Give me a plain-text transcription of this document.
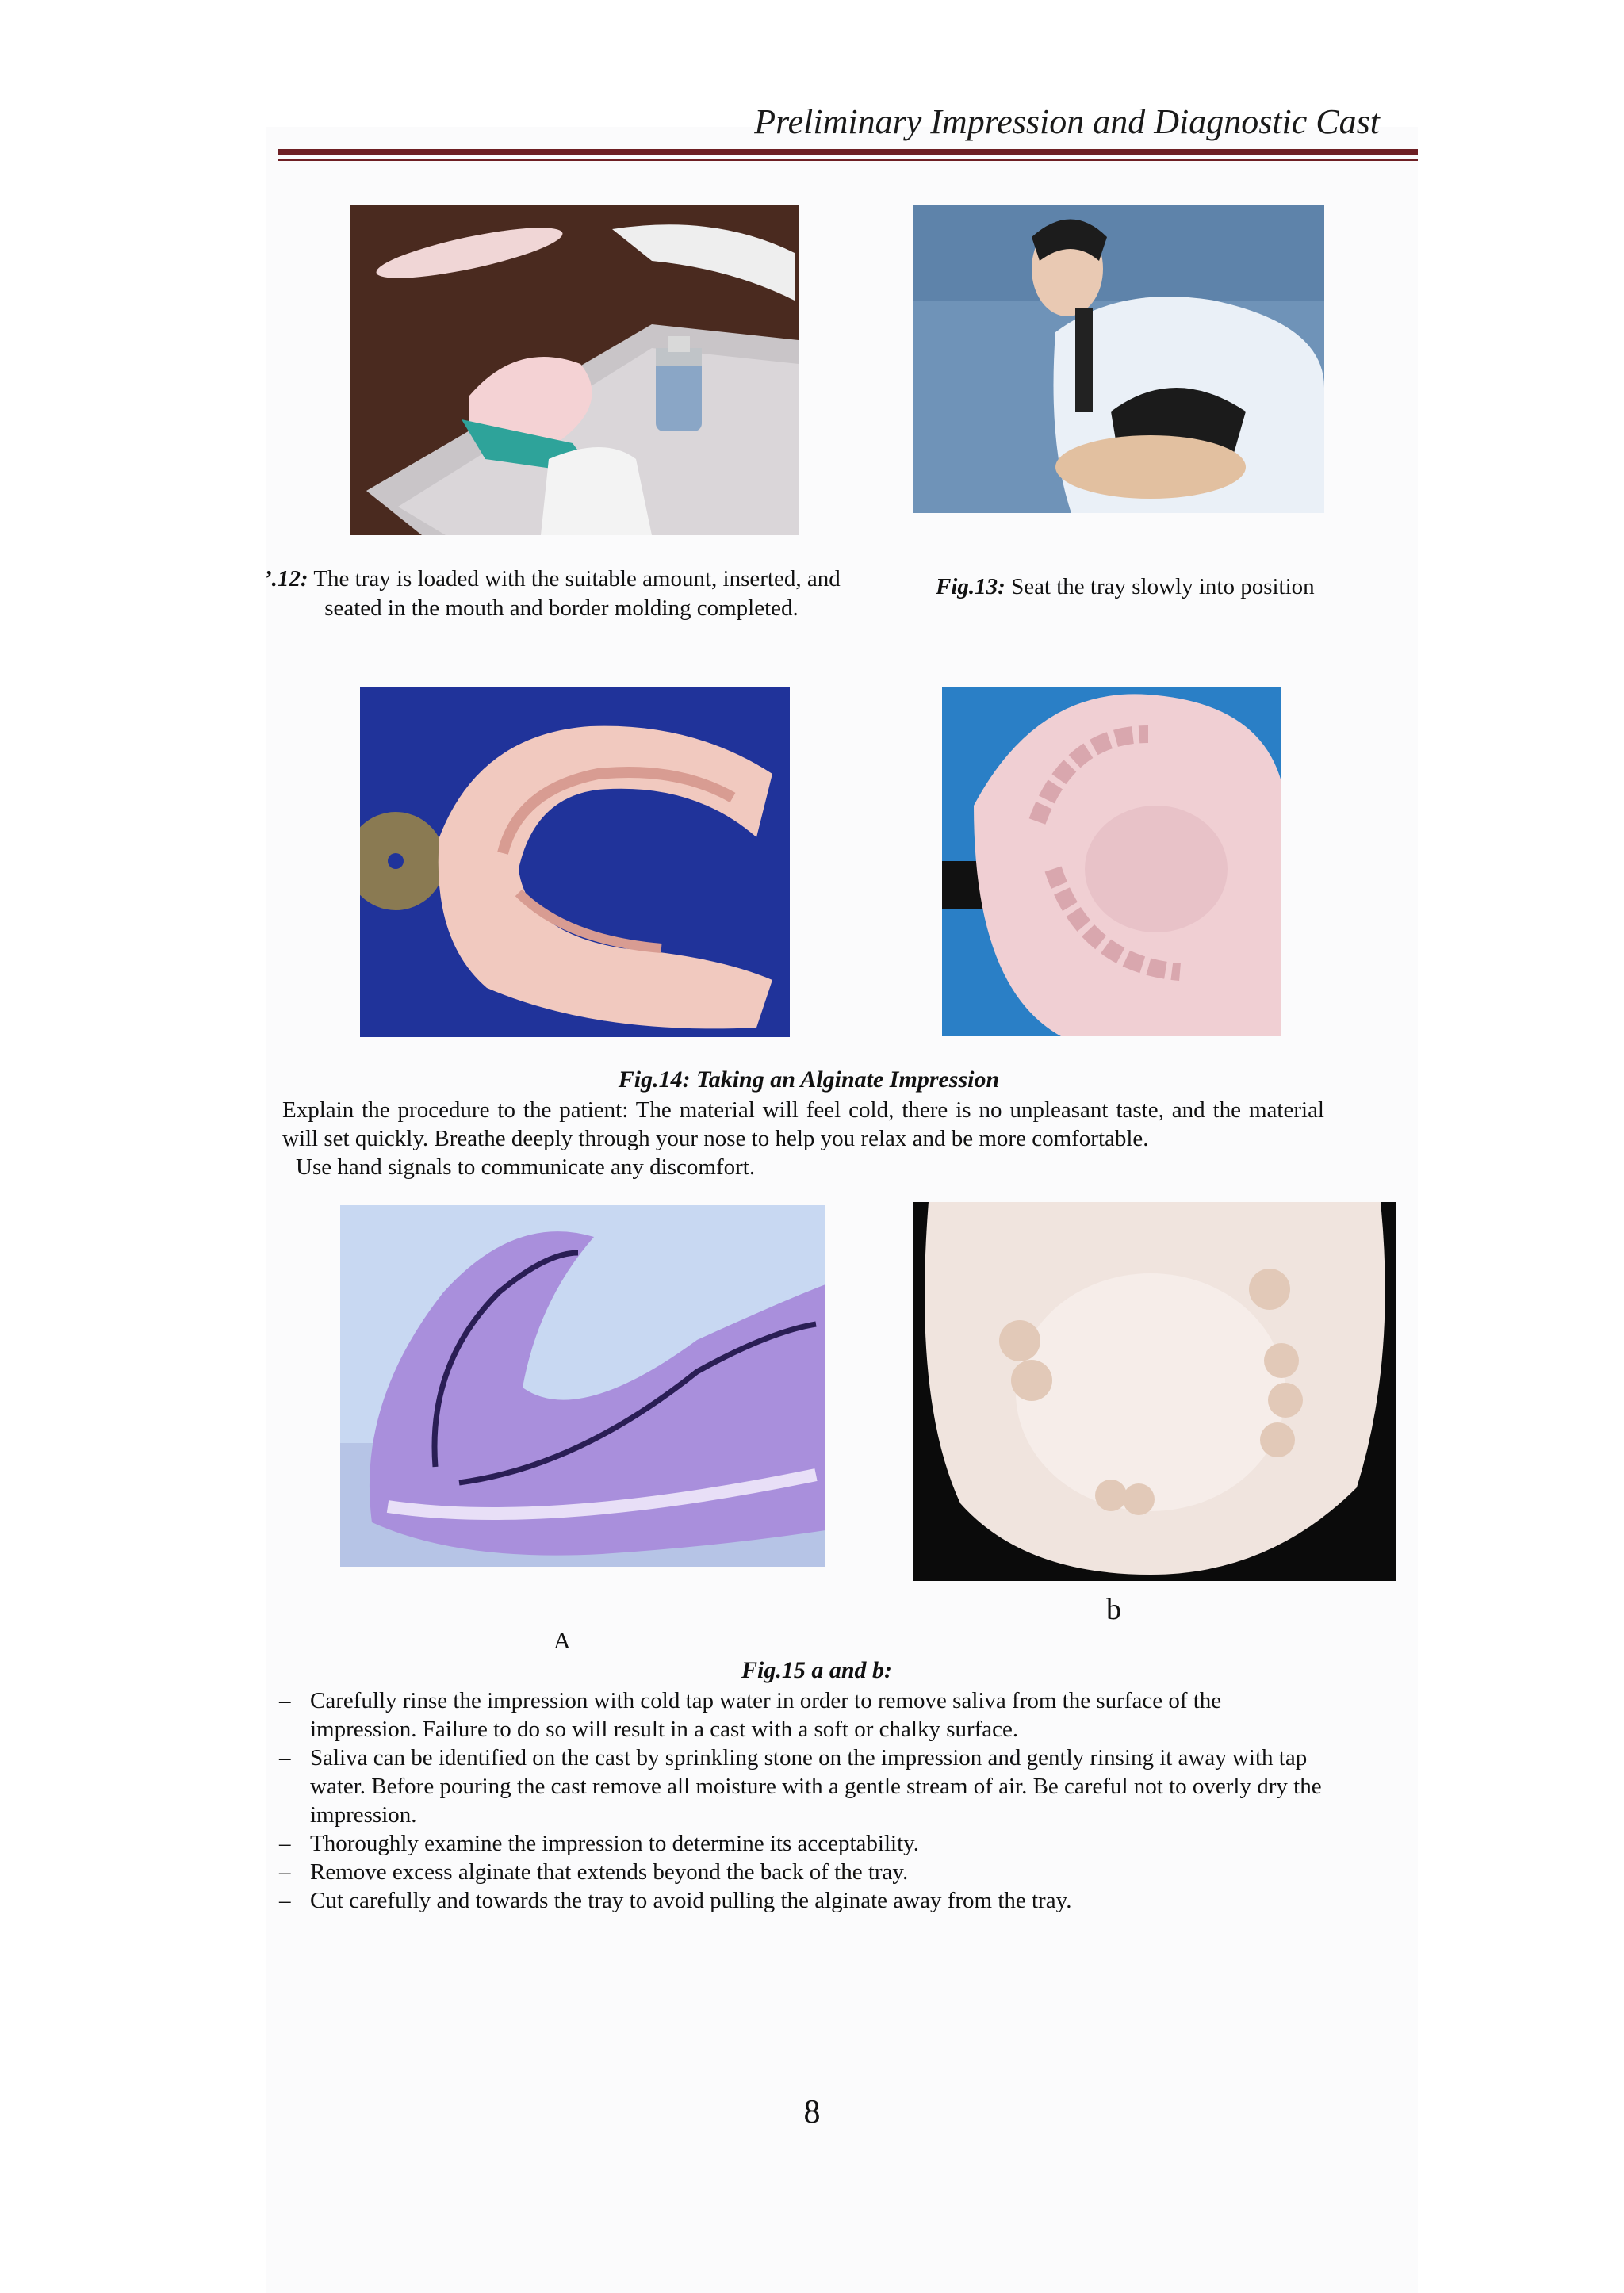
Preliminary Impression and Diagnostic Cast
’.12: The tray is loaded with the suitable amount, inserted, and
seated in the mouth and border molding completed.
Fig.13: Seat the tray slowly into position
Fig.14: Taking an Alginate Impression
Explain the procedure to the patient: The material will feel cold, there is no unpleasant taste, and the material will set quickly. Breathe deeply through your nose to help you relax and be more comfortable.
Use hand signals to communicate any discomfort.
b
A
Fig.15 a and b:
– Carefully rinse the impression with cold tap water in order to remove saliva from the surface of the impression. Failure to do so will result in a cast with a soft or chalky surface.
– Saliva can be identified on the cast by sprinkling stone on the impression and gently rinsing it away with tap water. Before pouring the cast remove all moisture with a gentle stream of air. Be careful not to overly dry the impression.
– Thoroughly examine the impression to determine its acceptability.
– Remove excess alginate that extends beyond the back of the tray.
– Cut carefully and towards the tray to avoid pulling the alginate away from the tray.
8
